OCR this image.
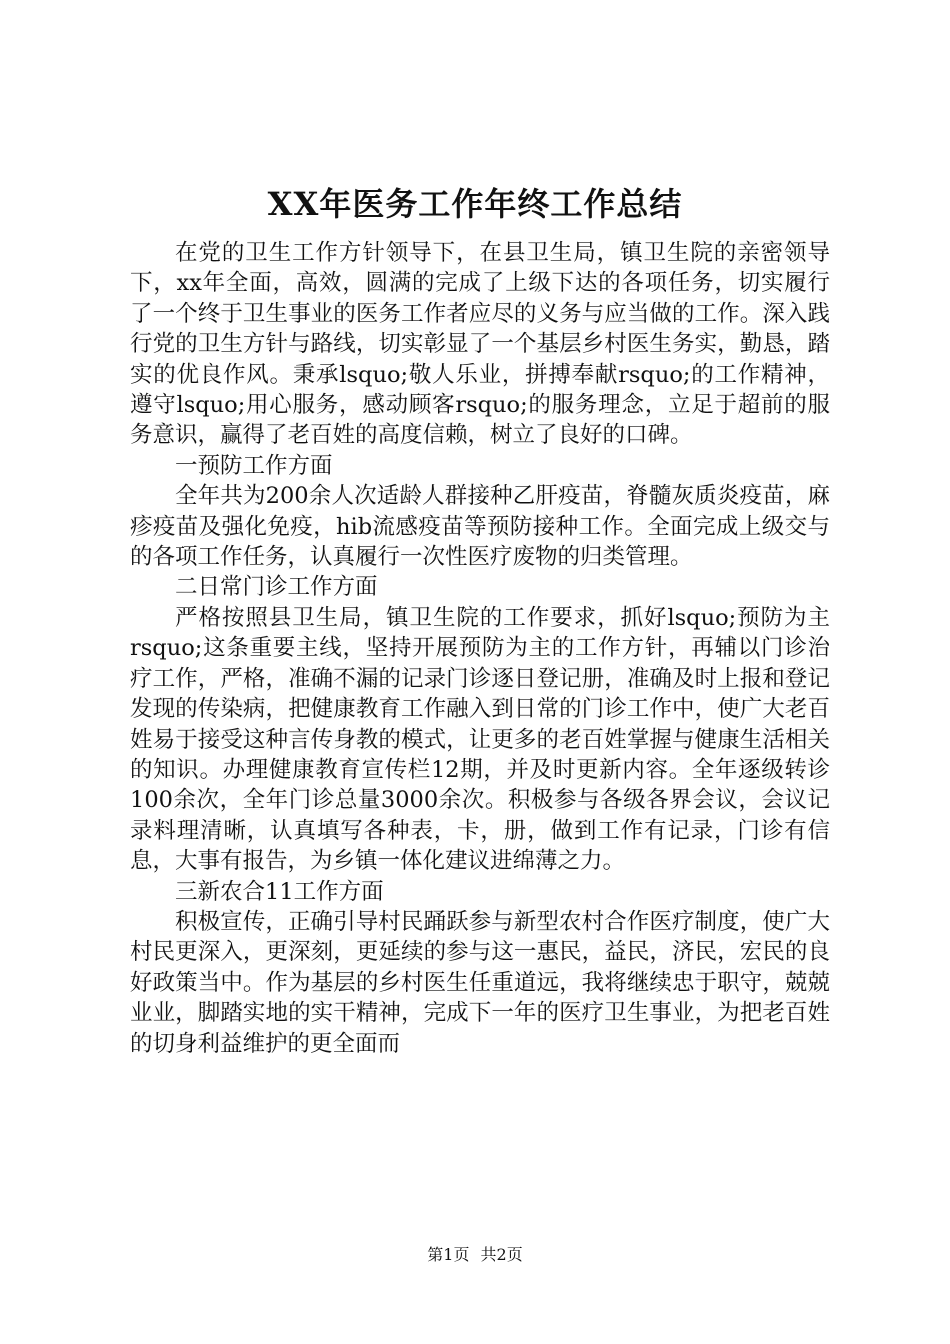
XX年医务工作年终工作总结

在党的卫生工作方针领导下，在县卫生局，镇卫生院的亲密领导下，xx年全面，高效，圆满的完成了上级下达的各项任务，切实履行了一个终于卫生事业的医务工作者应尽的义务与应当做的工作。深入践行党的卫生方针与路线，切实彰显了一个基层乡村医生务实，勤恳，踏实的优良作风。秉承lsquo;敬人乐业，拼搏奉献rsquo;的工作精神，遵守lsquo;用心服务，感动顾客rsquo;的服务理念，立足于超前的服务意识，赢得了老百姓的高度信赖，树立了良好的口碑。

一预防工作方面

全年共为200余人次适龄人群接种乙肝疫苗，脊髓灰质炎疫苗，麻疹疫苗及强化免疫，hib流感疫苗等预防接种工作。全面完成上级交与的各项工作任务，认真履行一次性医疗废物的归类管理。

二日常门诊工作方面

严格按照县卫生局，镇卫生院的工作要求，抓好lsquo;预防为主rsquo;这条重要主线，坚持开展预防为主的工作方针，再辅以门诊治疗工作，严格，准确不漏的记录门诊逐日登记册，准确及时上报和登记发现的传染病，把健康教育工作融入到日常的门诊工作中，使广大老百姓易于接受这种言传身教的模式，让更多的老百姓掌握与健康生活相关的知识。办理健康教育宣传栏12期，并及时更新内容。全年逐级转诊100余次，全年门诊总量3000余次。积极参与各级各界会议，会议记录料理清晰，认真填写各种表，卡，册，做到工作有记录，门诊有信息，大事有报告，为乡镇一体化建议进绵薄之力。

三新农合11工作方面

积极宣传，正确引导村民踊跃参与新型农村合作医疗制度，使广大村民更深入，更深刻，更延续的参与这一惠民，益民，济民，宏民的良好政策当中。作为基层的乡村医生任重道远，我将继续忠于职守，兢兢业业，脚踏实地的实干精神，完成下一年的医疗卫生事业，为把老百姓的切身利益维护的更全面而

第1页 共2页
